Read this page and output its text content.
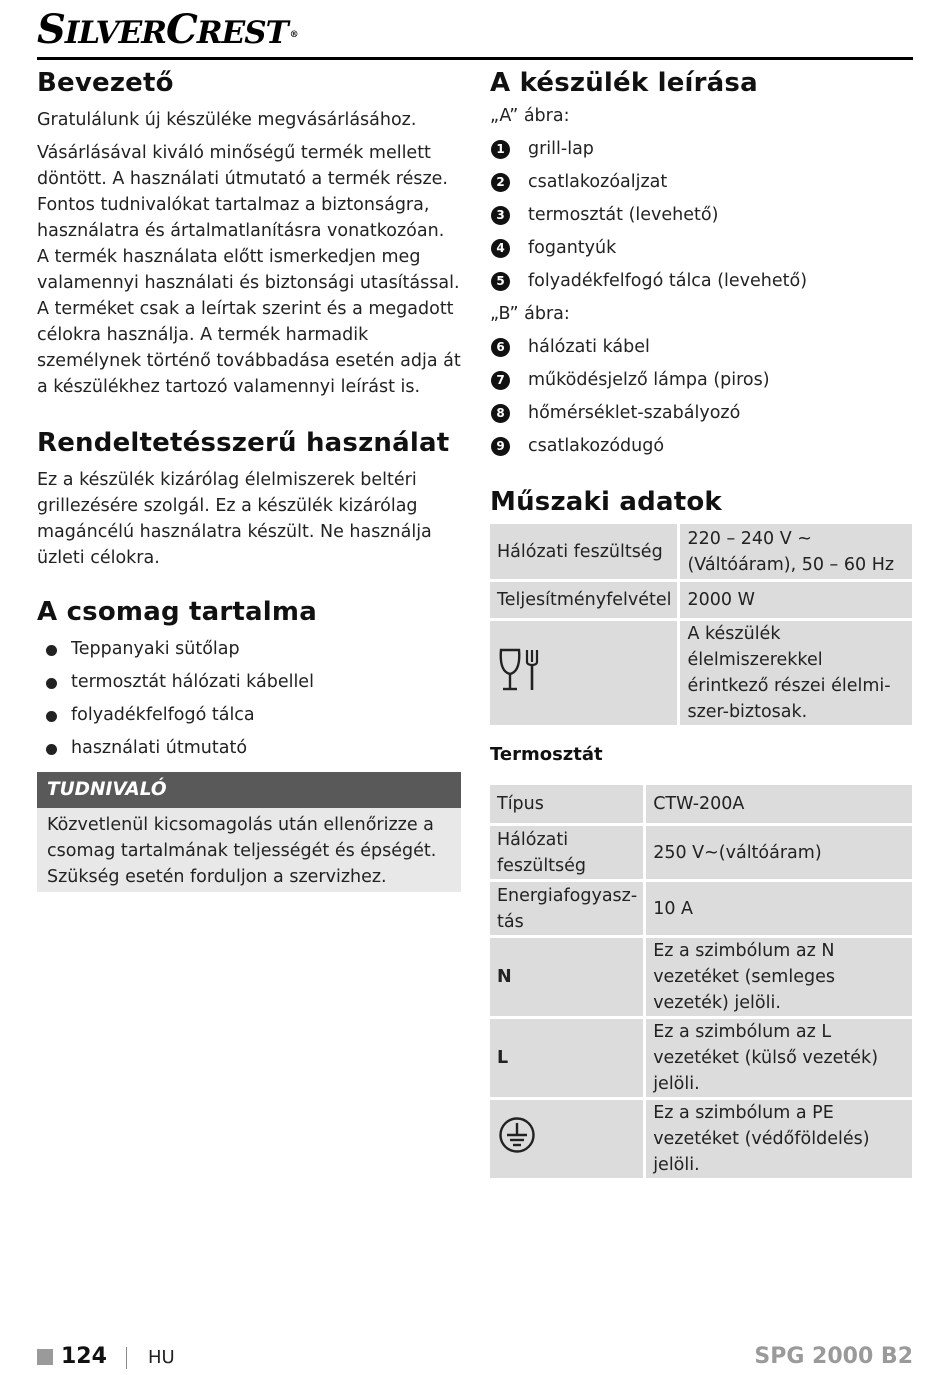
SILVERCREST ®
Bevezető

Gratulálunk új készüléke megvásárlásához.

Vásárlásával kiváló minőségű termék mellett döntött. A használati útmutató a termék része. Fontos tudnivalókat tartalmaz a biztonságra, használatra és ártalmatlanításra vonatkozóan. A termék használata előtt ismerkedjen meg valamennyi használati és biztonsági utasítással. A terméket csak a leírtak szerint és a megadott célokra használja. A termék harmadik személynek történő továbbadása esetén adja át a készülékhez tartozó valamennyi leírást is.

Rendeltetésszerű használat

Ez a készülék kizárólag élelmiszerek beltéri grillezésére szolgál. Ez a készülék kizárólag magáncélú használatra készült. Ne használja üzleti célokra.

A csomag tartalma
Teppanyaki sütőlap
termosztát hálózati kábellel
folyadékfelfogó tálca
használati útmutató
TUDNIVALÓ
Közvetlenül kicsomagolás után ellenőrizze a csomag tartalmának teljességét és épségét. Szükség esetén forduljon a szervizhez.
A készülék leírása
„A” ábra:
1	grill-lap
2	csatlakozóaljzat
3	termosztát (levehető)
4	fogantyúk
5	folyadékfelfogó tálca (levehető)
„B” ábra:
6	hálózati kábel
7	működésjelző lámpa (piros)
8	hőmérséklet-szabályozó
9	csatlakozódugó
Műszaki adatok
Hálózati feszültség	220 – 240 V ~ (Váltóáram), 50 – 60 Hz
Teljesítményfelvétel	2000 W
	A készülék élelmiszerekkel érintkező részei élelmiszer-biztosak.
Termosztát
Típus	CTW-200A
Hálózati feszültség	250 V~(váltóáram)
Energiafogyasztás	10 A
N	Ez a szimbólum az N vezetéket (semleges vezeték) jelöli.
L	Ez a szimbólum az L vezetéket (külső vezeték) jelöli.
	Ez a szimbólum a PE vezetéket (védőföldelés) jelöli.
124 HU	SPG 2000 B2
